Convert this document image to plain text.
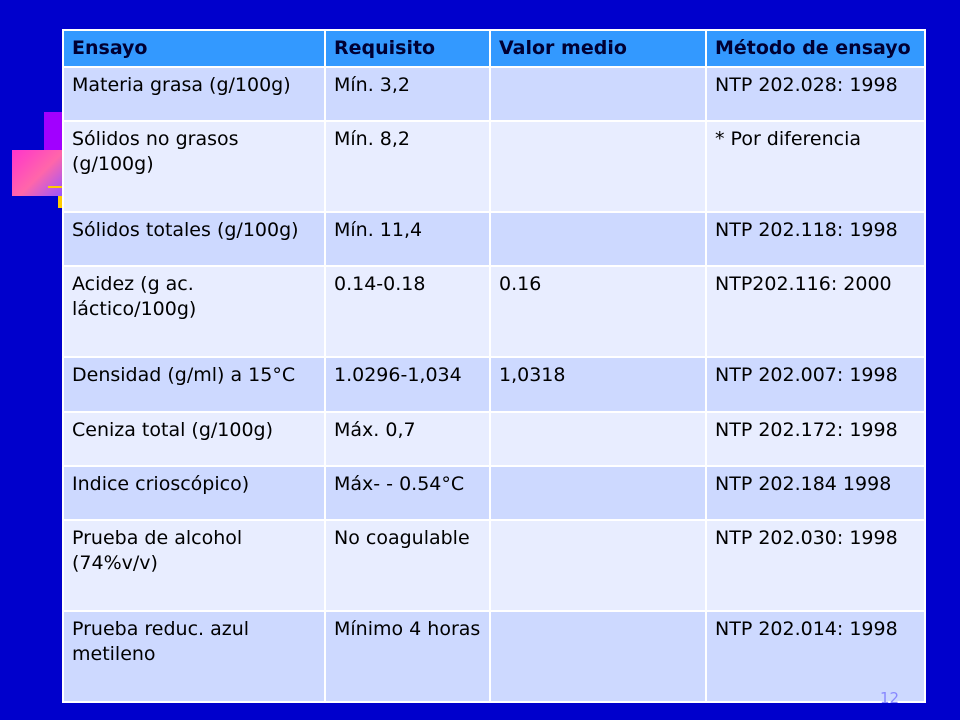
Ensayo	Requisito	Valor medio	Método de ensayo
Materia grasa (g/100g)	Mín. 3,2		NTP 202.028: 1998
Sólidos no grasos (g/100g)	Mín. 8,2		* Por diferencia
Sólidos totales (g/100g)	Mín. 11,4		NTP 202.118: 1998
Acidez (g ac. láctico/100g)	0.14-0.18	0.16	NTP202.116: 2000
Densidad (g/ml) a 15°C	1.0296-1,034	1,0318	NTP 202.007: 1998
Ceniza total (g/100g)	Máx. 0,7		NTP 202.172: 1998
Indice crioscópico)	Máx- - 0.54°C		NTP 202.184 1998
Prueba de alcohol (74%v/v)	No coagulable		NTP 202.030: 1998
Prueba reduc. azul metileno	Mínimo 4 horas		NTP 202.014: 1998
12
